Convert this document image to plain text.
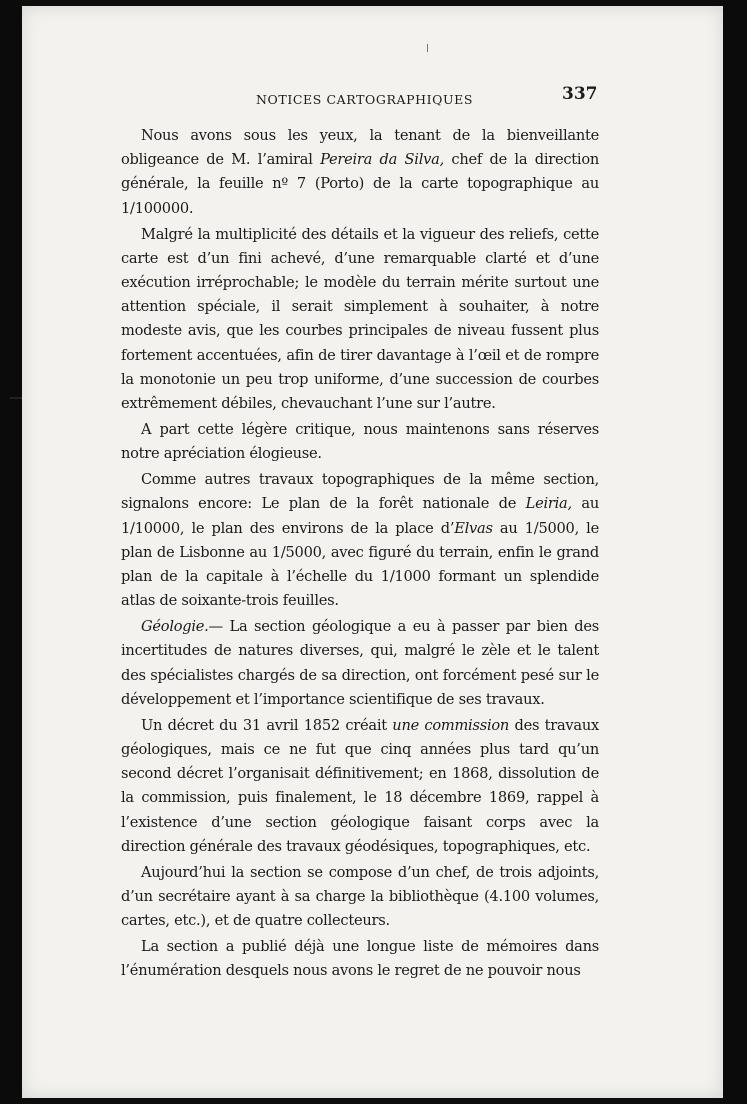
NOTICES CARTOGRAPHIQUES	337

Nous avons sous les yeux, la tenant de la bienveillante obligeance de M. l’amiral Pereira da Silva, chef de la direction générale, la feuille nº 7 (Porto) de la carte topographique au 1/100000.

Malgré la multiplicité des détails et la vigueur des reliefs, cette carte est d’un fini achevé, d’une remarquable clarté et d’une exécution irréprochable; le modèle du terrain mérite surtout une attention spéciale, il serait simplement à souhaiter, à notre modeste avis, que les courbes principales de niveau fussent plus fortement accentuées, afin de tirer davantage à l’œil et de rompre la monotonie un peu trop uniforme, d’une succession de courbes extrêmement débiles, chevauchant l’une sur l’autre.

A part cette légère critique, nous maintenons sans réserves notre apréciation élogieuse.

Comme autres travaux topographiques de la même section, signalons encore: Le plan de la forêt nationale de Leiria, au 1/10000, le plan des environs de la place d’Elvas au 1/5000, le plan de Lisbonne au 1/5000, avec figuré du terrain, enfin le grand plan de la capitale à l’échelle du 1/1000 formant un splendide atlas de soixante-trois feuilles.

Géologie.— La section géologique a eu à passer par bien des incertitudes de natures diverses, qui, malgré le zèle et le talent des spécialistes chargés de sa direction, ont forcément pesé sur le développement et l’importance scientifique de ses travaux.

Un décret du 31 avril 1852 créait une commission des travaux géologiques, mais ce ne fut que cinq années plus tard qu’un second décret l’organisait définitivement; en 1868, dissolution de la commission, puis finalement, le 18 décembre 1869, rappel à l’existence d’une section géologique faisant corps avec la direction générale des travaux géodésiques, topographiques, etc.

Aujourd’hui la section se compose d’un chef, de trois adjoints, d’un secrétaire ayant à sa charge la bibliothèque (4.100 volumes, cartes, etc.), et de quatre collecteurs.

La section a publié déjà une longue liste de mémoires dans l’énumération desquels nous avons le regret de ne pouvoir nous
